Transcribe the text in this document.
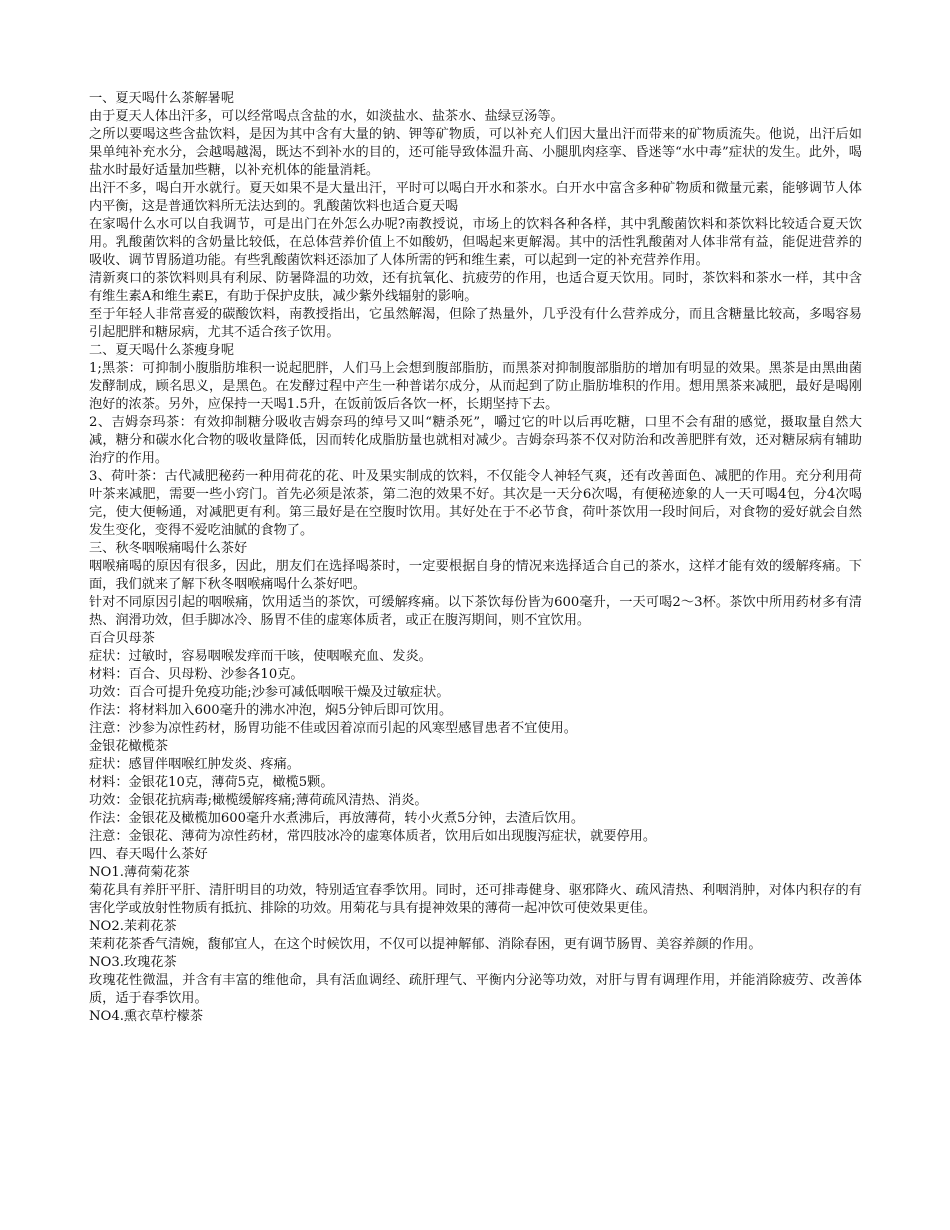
一、夏天喝什么茶解暑呢
由于夏天人体出汗多，可以经常喝点含盐的水，如淡盐水、盐茶水、盐绿豆汤等。
之所以要喝这些含盐饮料，是因为其中含有大量的钠、钾等矿物质，可以补充人们因大量出汗而带来的矿物质流失。他说，出汗后如果单纯补充水分，会越喝越渴，既达不到补水的目的，还可能导致体温升高、小腿肌肉痉挛、昏迷等“水中毒”症状的发生。此外，喝盐水时最好适量加些糖，以补充机体的能量消耗。
出汗不多，喝白开水就行。夏天如果不是大量出汗，平时可以喝白开水和茶水。白开水中富含多种矿物质和微量元素，能够调节人体内平衡，这是普通饮料所无法达到的。乳酸菌饮料也适合夏天喝
在家喝什么水可以自我调节，可是出门在外怎么办呢?南教授说，市场上的饮料各种各样，其中乳酸菌饮料和茶饮料比较适合夏天饮用。乳酸菌饮料的含奶量比较低，在总体营养价值上不如酸奶，但喝起来更解渴。其中的活性乳酸菌对人体非常有益，能促进营养的吸收、调节胃肠道功能。有些乳酸菌饮料还添加了人体所需的钙和维生素，可以起到一定的补充营养作用。
清新爽口的茶饮料则具有利尿、防暑降温的功效，还有抗氧化、抗疲劳的作用，也适合夏天饮用。同时，茶饮料和茶水一样，其中含有维生素A和维生素E，有助于保护皮肤，减少紫外线辐射的影响。
至于年轻人非常喜爱的碳酸饮料，南教授指出，它虽然解渴，但除了热量外，几乎没有什么营养成分，而且含糖量比较高，多喝容易引起肥胖和糖尿病，尤其不适合孩子饮用。
二、夏天喝什么茶瘦身呢
1;黑茶：可抑制小腹脂肪堆积一说起肥胖，人们马上会想到腹部脂肪，而黑茶对抑制腹部脂肪的增加有明显的效果。黑茶是由黑曲菌发酵制成，顾名思义，是黑色。在发酵过程中产生一种普诺尔成分，从而起到了防止脂肪堆积的作用。想用黑茶来减肥，最好是喝刚泡好的浓茶。另外，应保持一天喝1.5升，在饭前饭后各饮一杯，长期坚持下去。
2、吉姆奈玛茶：有效抑制糖分吸收吉姆奈玛的绰号又叫“糖杀死”，嚼过它的叶以后再吃糖，口里不会有甜的感觉，摄取量自然大减，糖分和碳水化合物的吸收量降低，因而转化成脂肪量也就相对减少。吉姆奈玛茶不仅对防治和改善肥胖有效，还对糖尿病有辅助治疗的作用。
3、荷叶茶：古代减肥秘药一种用荷花的花、叶及果实制成的饮料，不仅能令人神轻气爽，还有改善面色、减肥的作用。充分利用荷叶茶来减肥，需要一些小窍门。首先必须是浓茶，第二泡的效果不好。其次是一天分6次喝，有便秘迹象的人一天可喝4包，分4次喝完，使大便畅通，对减肥更有利。第三最好是在空腹时饮用。其好处在于不必节食，荷叶茶饮用一段时间后，对食物的爱好就会自然发生变化，变得不爱吃油腻的食物了。
三、秋冬咽喉痛喝什么茶好
咽喉痛喝的原因有很多，因此，朋友们在选择喝茶时，一定要根据自身的情况来选择适合自己的茶水，这样才能有效的缓解疼痛。下面，我们就来了解下秋冬咽喉痛喝什么茶好吧。
针对不同原因引起的咽喉痛，饮用适当的茶饮，可缓解疼痛。以下茶饮每份皆为600毫升，一天可喝2～3杯。茶饮中所用药材多有清热、润滑功效，但手脚冰冷、肠胃不佳的虚寒体质者，或正在腹泻期间，则不宜饮用。
百合贝母茶
症状：过敏时，容易咽喉发痒而干咳，使咽喉充血、发炎。
材料：百合、贝母粉、沙参各10克。
功效：百合可提升免疫功能;沙参可减低咽喉干燥及过敏症状。
作法：将材料加入600毫升的沸水冲泡，焖5分钟后即可饮用。
注意：沙参为凉性药材，肠胃功能不佳或因着凉而引起的风寒型感冒患者不宜使用。
金银花橄榄茶
症状：感冒伴咽喉红肿发炎、疼痛。
材料：金银花10克，薄荷5克，橄榄5颗。
功效：金银花抗病毒;橄榄缓解疼痛;薄荷疏风清热、消炎。
作法：金银花及橄榄加600毫升水煮沸后，再放薄荷，转小火煮5分钟，去渣后饮用。
注意：金银花、薄荷为凉性药材，常四肢冰冷的虚寒体质者，饮用后如出现腹泻症状，就要停用。
四、春天喝什么茶好
NO1.薄荷菊花茶
菊花具有养肝平肝、清肝明目的功效，特别适宜春季饮用。同时，还可排毒健身、驱邪降火、疏风清热、利咽消肿，对体内积存的有害化学或放射性物质有抵抗、排除的功效。用菊花与具有提神效果的薄荷一起冲饮可使效果更佳。
NO2.茉莉花茶
茉莉花茶香气清婉，馥郁宜人，在这个时候饮用，不仅可以提神解郁、消除春困，更有调节肠胃、美容养颜的作用。
NO3.玫瑰花茶
玫瑰花性微温，并含有丰富的维他命，具有活血调经、疏肝理气、平衡内分泌等功效，对肝与胃有调理作用，并能消除疲劳、改善体质，适于春季饮用。
NO4.熏衣草柠檬茶
